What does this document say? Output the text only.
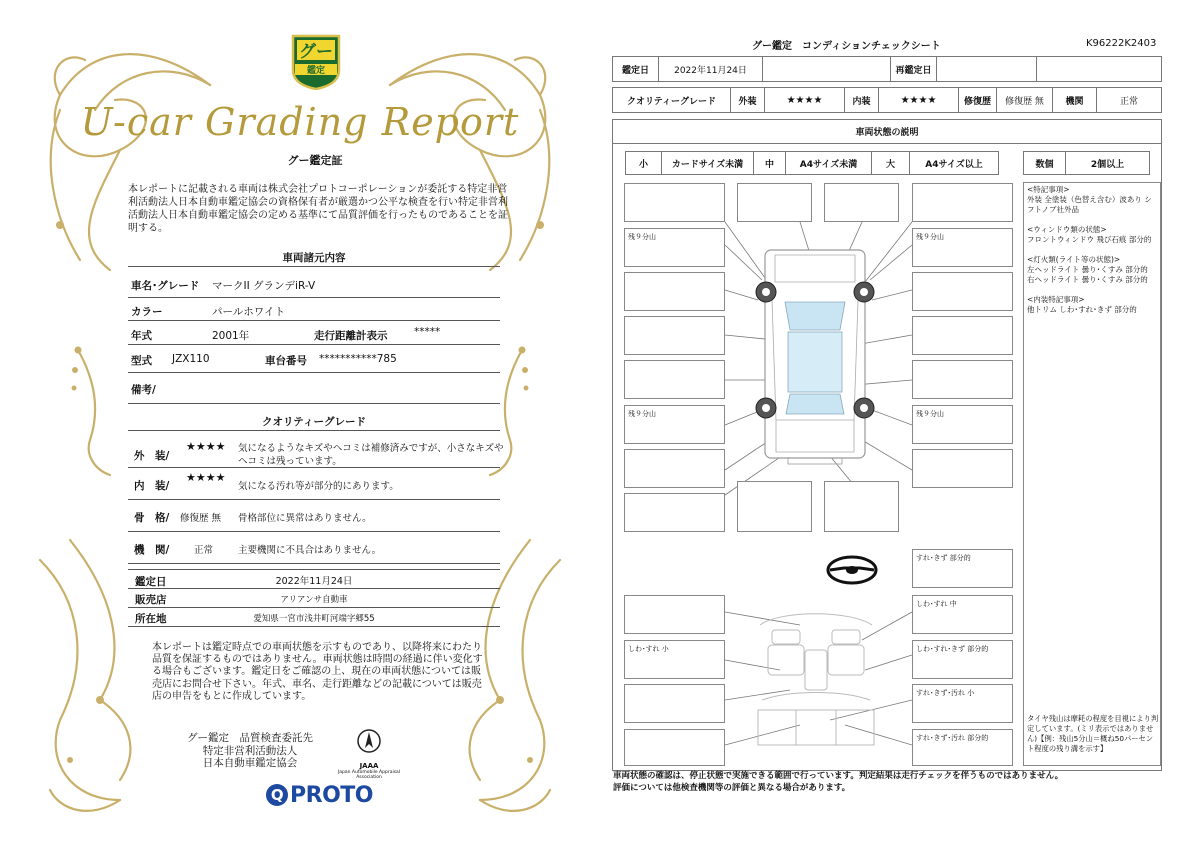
グー
鑑定
U-car Grading Report
グー鑑定証
本レポートに記載される車両は株式会社プロトコーポレーションが委託する特定非営利活動法人日本自動車鑑定協会の資格保有者が厳選かつ公平な検査を行い特定非営利活動法人日本自動車鑑定協会の定める基準にて品質評価を行ったものであることを証明する。
車両諸元内容
車名･グレード マークII グランデiR-V
カラー	パールホワイト
年式	2001年	走行距離計表示	*****
型式 JZX110	車台番号 ***********785
備考/
クオリティーグレード
外　装/
★★★★ 気になるようなキズやヘコミは補修済みですが、小さなキズや
ヘコミは残っています。
内　装/
★★★★
気になる汚れ等が部分的にあります。
骨　格/ 修復歴 無 骨格部位に異常はありません。
機　関/	正常	主要機関に不具合はありません。
鑑定日	2022年11月24日
販売店	アリアンサ自動車
所在地	愛知県一宮市浅井町河端字郷55
本レポートは鑑定時点での車両状態を示すものであり、以降将来にわたり品質を保証するものではありません。車両状態は時間の経過に伴い変化する場合もございます。鑑定日をご確認の上、現在の車両状態については販売店にお問合せ下さい。年式、車名、走行距離などの記載については販売店の申告をもとに作成しています。
グー鑑定　品質検査委託先
特定非営利活動法人
日本自動車鑑定協会	JAAA
Japan Automobile Appraisal Association
Q PROTO
グー鑑定　コンディションチェックシート	K96222K2403
鑑定日	2022年11月24日	再鑑定日
クオリティーグレード	外装	★★★★	内装	★★★★	修復歴	修復歴 無	機関	正常
車両状態の説明
小	カードサイズ未満	中	A4サイズ未満	大	A4サイズ以上	数個	2個以上
残９分山
残９分山
残９分山
残９分山
すれ･きず 部分的
しわ･すれ 中
しわ･すれ 小	しわ･すれ･きず 部分的
すれ･きず･汚れ 小
すれ･きず･汚れ 部分的
<特記事項>
外装 全塗装（色替え含む）波あり シフトノブ社外品
<ウィンドウ類の状態>
フロントウィンドウ 飛び石痕 部分的
<灯火類(ライト等の状態)>
左ヘッドライト 曇り･くすみ 部分的
右ヘッドライト 曇り･くすみ 部分的
<内装特記事項>
他トリム しわ･すれ･きず 部分的
タイヤ残山は摩耗の程度を目視により判定しています。(ミリ表示ではありません)【例：残山5分山＝概ね50パーセント程度の残り溝を示す】
車両状態の確認は、停止状態で実施できる範囲で行っています。判定結果は走行チェックを伴うものではありません。
評価については他検査機関等の評価と異なる場合があります。
